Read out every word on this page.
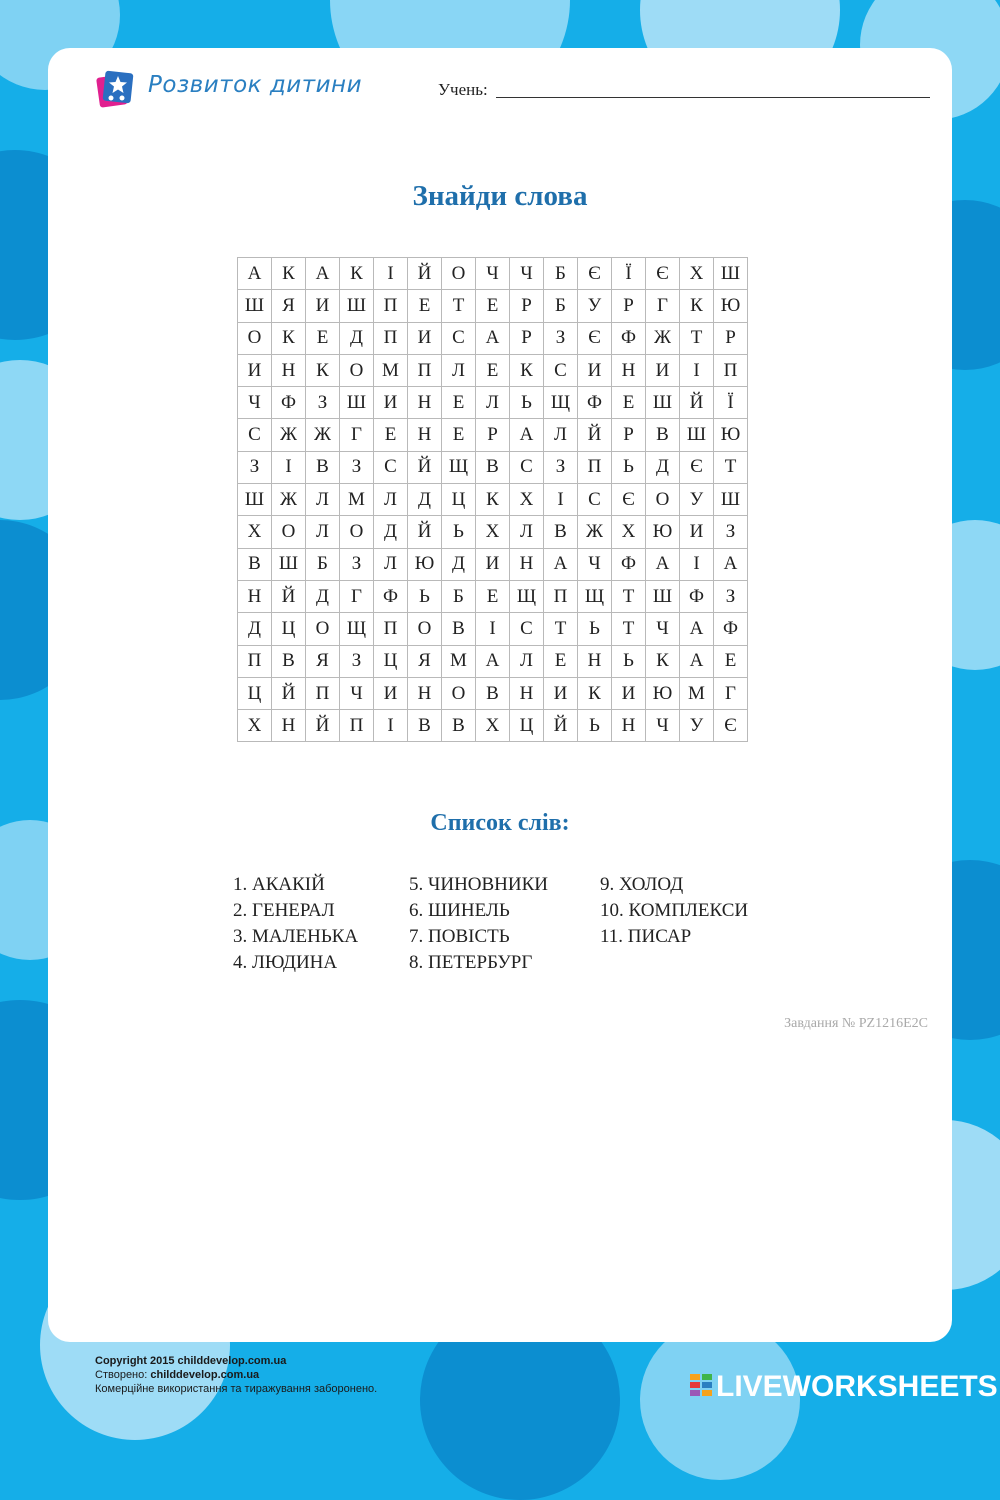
Розвиток дитини	Учень:
Знайди слова
А	К	А	К	І	Й	О	Ч	Ч	Б	Є	Ї	Є	Х	Ш
Ш	Я	И	Ш	П	Е	Т	Е	Р	Б	У	Р	Г	К	Ю
О	К	Е	Д	П	И	С	А	Р	З	Є	Ф	Ж	Т	Р
И	Н	К	О	М	П	Л	Е	К	С	И	Н	И	І	П
Ч	Ф	З	Ш	И	Н	Е	Л	Ь	Щ	Ф	Е	Ш	Й	Ї
С	Ж	Ж	Г	Е	Н	Е	Р	А	Л	Й	Р	В	Ш	Ю
З	І	В	З	С	Й	Щ	В	С	З	П	Ь	Д	Є	Т
Ш	Ж	Л	М	Л	Д	Ц	К	Х	І	С	Є	О	У	Ш
Х	О	Л	О	Д	Й	Ь	Х	Л	В	Ж	Х	Ю	И	З
В	Ш	Б	З	Л	Ю	Д	И	Н	А	Ч	Ф	А	І	А
Н	Й	Д	Г	Ф	Ь	Б	Е	Щ	П	Щ	Т	Ш	Ф	З
Д	Ц	О	Щ	П	О	В	І	С	Т	Ь	Т	Ч	А	Ф
П	В	Я	З	Ц	Я	М	А	Л	Е	Н	Ь	К	А	Е
Ц	Й	П	Ч	И	Н	О	В	Н	И	К	И	Ю	М	Г
Х	Н	Й	П	І	В	В	Х	Ц	Й	Ь	Н	Ч	У	Є
Список слів:
1. АКАКІЙ
2. ГЕНЕРАЛ
3. МАЛЕНЬКА
4. ЛЮДИНА
5. ЧИНОВНИКИ
6. ШИНЕЛЬ
7. ПОВІСТЬ
8. ПЕТЕРБУРГ
9. ХОЛОД
10. КОМПЛЕКСИ
11. ПИСАР
Завдання № PZ1216E2C
Copyright 2015 childdevelop.com.ua
Створено: childdevelop.com.ua
Комерційне використання та тиражування заборонено.	LIVEWORKSHEETS
